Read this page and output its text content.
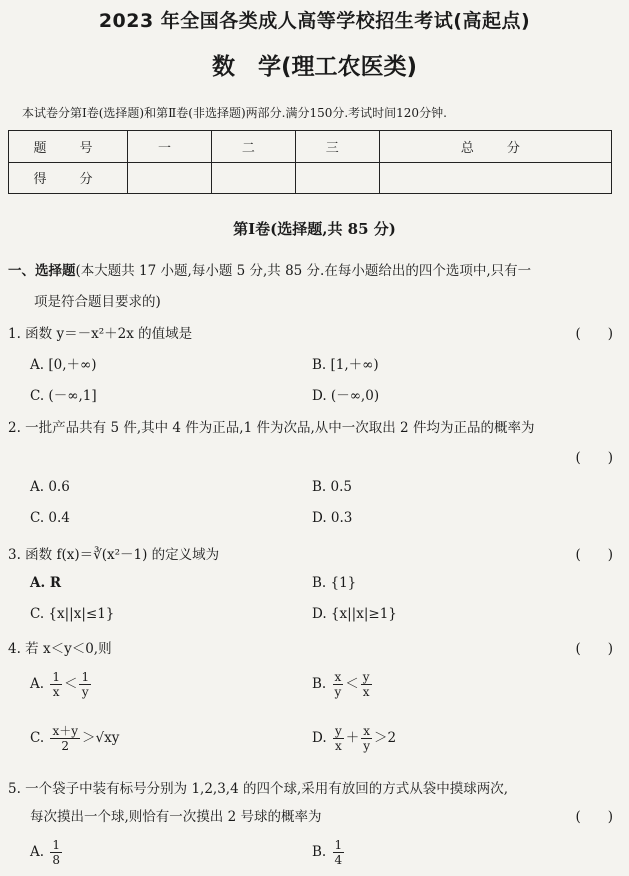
2023 年全国各类成人高等学校招生考试(高起点)
数　学(理工农医类)
本试卷分第Ⅰ卷(选择题)和第Ⅱ卷(非选择题)两部分.满分150分.考试时间120分钟.
题　号	一	二	三	总　分
得　分				
第Ⅰ卷(选择题,共 85 分)
一、选择题(本大题共 17 小题,每小题 5 分,共 85 分.在每小题给出的四个选项中,只有一
项是符合题目要求的)
1. 函数 y＝－x²＋2x 的值域是	(　　)
A. [0,＋∞)	B. [1,＋∞)
C. (－∞,1]	D. (－∞,0)
2. 一批产品共有 5 件,其中 4 件为正品,1 件为次品,从中一次取出 2 件均为正品的概率为
(　　)
A. 0.6	B. 0.5
C. 0.4	D. 0.3
3. 函数 f(x)＝∛(x²－1) 的定义域为	(　　)
A. R	B. {1}
C. {x||x|≤1}	D. {x||x|≥1}
4. 若 x＜y＜0,则	(　　)
A. $\frac{1}{x} < \frac{1}{y}$	B. $\frac{x}{y} < \frac{y}{x}$
C. $\frac{x+y}{2} >√xy$	D. $\frac{y}{x} + \frac{x}{y} >2$
5. 一个袋子中装有标号分别为 1,2,3,4 的四个球,采用有放回的方式从袋中摸球两次,
每次摸出一个球,则恰有一次摸出 2 号球的概率为	(　　)
A. $\frac{1}{8}$	B. $\frac{1}{4}$
